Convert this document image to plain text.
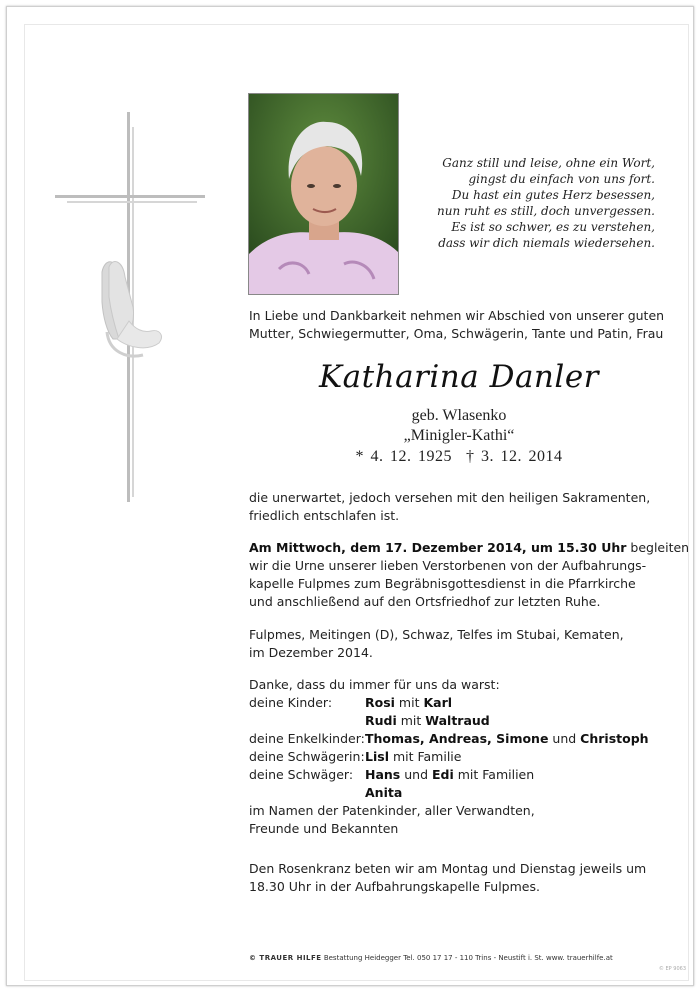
Ganz still und leise, ohne ein Wort,
gingst du einfach von uns fort.
Du hast ein gutes Herz besessen,
nun ruht es still, doch unvergessen.
Es ist so schwer, es zu verstehen,
dass wir dich niemals wiedersehen.
In Liebe und Dankbarkeit nehmen wir Abschied von unserer guten
Mutter, Schwiegermutter, Oma, Schwägerin, Tante und Patin, Frau
Katharina Danler
geb. Wlasenko
„Minigler-Kathi“
* 4. 12. 1925 † 3. 12. 2014
die unerwartet, jedoch versehen mit den heiligen Sakramenten,
friedlich entschlafen ist.
Am Mittwoch, dem 17. Dezember 2014, um 15.30 Uhr begleiten
wir die Urne unserer lieben Verstorbenen von der Aufbahrungs-
kapelle Fulpmes zum Begräbnisgottesdienst in die Pfarrkirche
und anschließend auf den Ortsfriedhof zur letzten Ruhe.
Fulpmes, Meitingen (D), Schwaz, Telfes im Stubai, Kematen,
im Dezember 2014.
Danke, dass du immer für uns da warst:
deine Kinder:	Rosi mit Karl
Rudi mit Waltraud
deine Enkelkinder: Thomas, Andreas, Simone und Christoph
deine Schwägerin: Lisl mit Familie
deine Schwäger: Hans und Edi mit Familien
Anita
im Namen der Patenkinder, aller Verwandten,
Freunde und Bekannten
Den Rosenkranz beten wir am Montag und Dienstag jeweils um
18.30 Uhr in der Aufbahrungskapelle Fulpmes.
© TRAUER HILFE Bestattung Heidegger Tel. 050 17 17 - 110 Trins - Neustift i. St. www. trauerhilfe.at
© EP 9063
